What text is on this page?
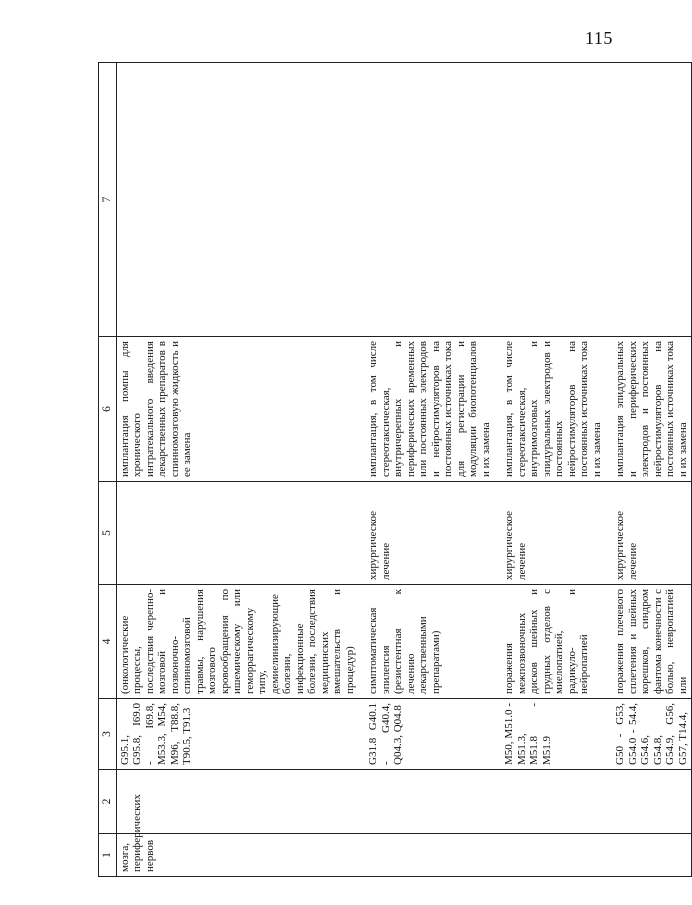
115
1	2	3	4	5	6	7
мозга, периферических нервов		G95.1, G95.8, I69.0 - I69.8, M53.3, M54, M96, T88.8, T90.5, T91.3	(онкологические процессы, последствия черепно-мозговой и позвоночно-спинномозговой травмы, нарушения мозгового кровообращения по ишемическому или геморрагическому типу, демиелинизирующие болезни, инфекционные болезни, последствия медицинских вмешательств и процедур)		имплантация помпы для хронического интратекального введения лекарственных препаратов в спинномозговую жидкость и ее замена	
		G31.8 G40.1 - G40.4, Q04.3, Q04.8	симптоматическая эпилепсия (резистентная к лечению лекарственными препаратами)	хирургическое лечение	имплантация, в том числе стереотаксическая, внутричерепных и периферических временных или постоянных электродов и нейростимуляторов на постоянных источниках тока для регистрации и модуляции биопотенциалов и их замена	
		M50, M51.0 - M51.3, M51.8 - M51.9	поражения межпозвоночных дисков шейных и грудных отделов с миелопатией, радикуло- и нейропатией	хирургическое лечение	имплантация, в том числе стереотаксическая, внутримозговых и эпидуральных электродов и постоянных нейростимуляторов на постоянных источниках тока и их замена	
		G50 - G53, G54.0 - 54.4, G54.6, G54.8, G54.9, G56, G57, T14.4,	поражения плечевого сплетения и шейных корешков, синдром фантома конечности с болью, невропатией или	хирургическое лечение	имплантация эпидуральных и периферических электродов и постоянных нейростимуляторов на постоянных источниках тока и их замена	
